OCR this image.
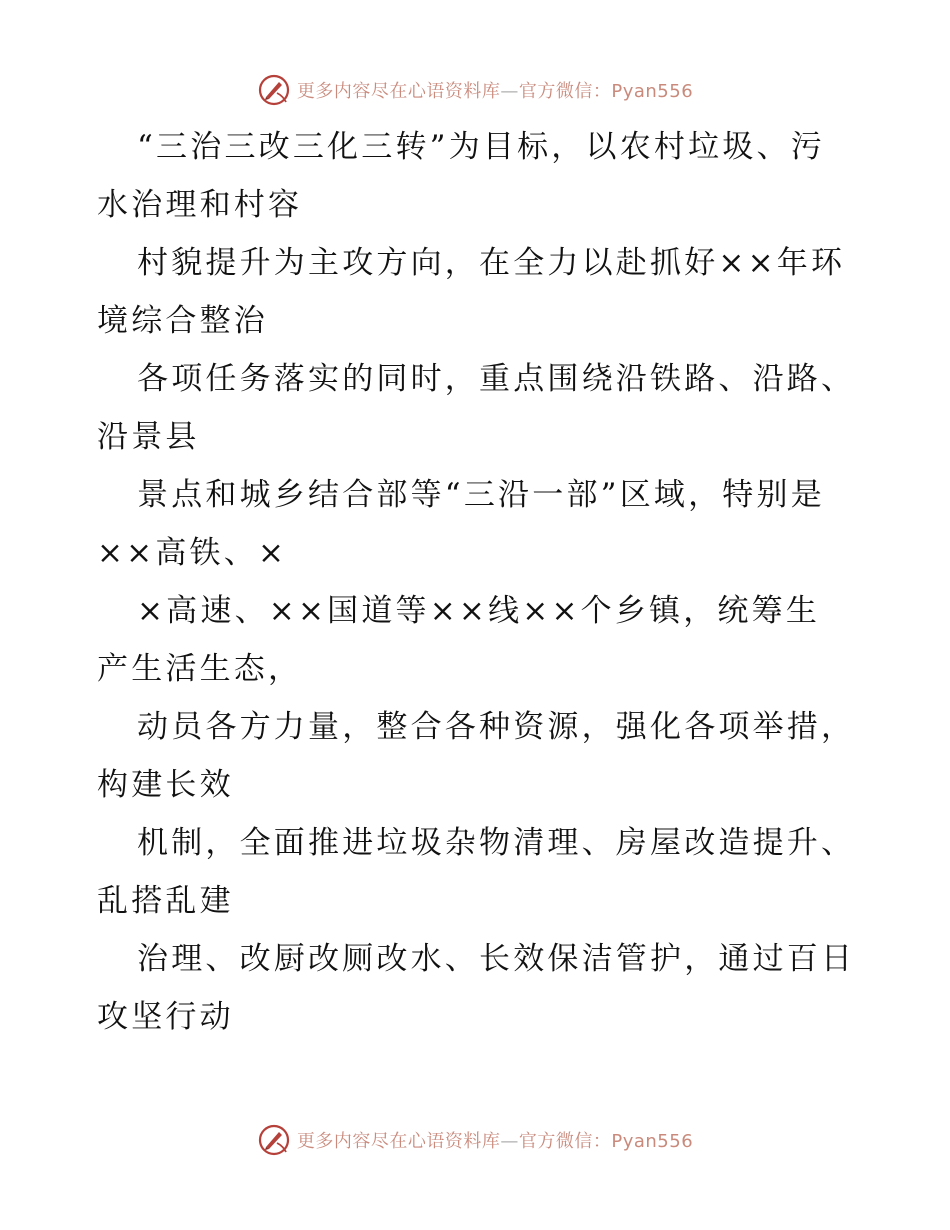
更多内容尽在心语资料库—官方微信：Pyan556
“三治三改三化三转”为目标，以农村垃圾、污
水治理和村容
村貌提升为主攻方向，在全力以赴抓好××年环
境综合整治
各项任务落实的同时，重点围绕沿铁路、沿路、
沿景县
景点和城乡结合部等“三沿一部”区域，特别是
××高铁、×
×高速、××国道等××线××个乡镇，统筹生
产生活生态，
动员各方力量，整合各种资源，强化各项举措，
构建长效
机制，全面推进垃圾杂物清理、房屋改造提升、
乱搭乱建
治理、改厨改厕改水、长效保洁管护，通过百日
攻坚行动
更多内容尽在心语资料库—官方微信：Pyan556
